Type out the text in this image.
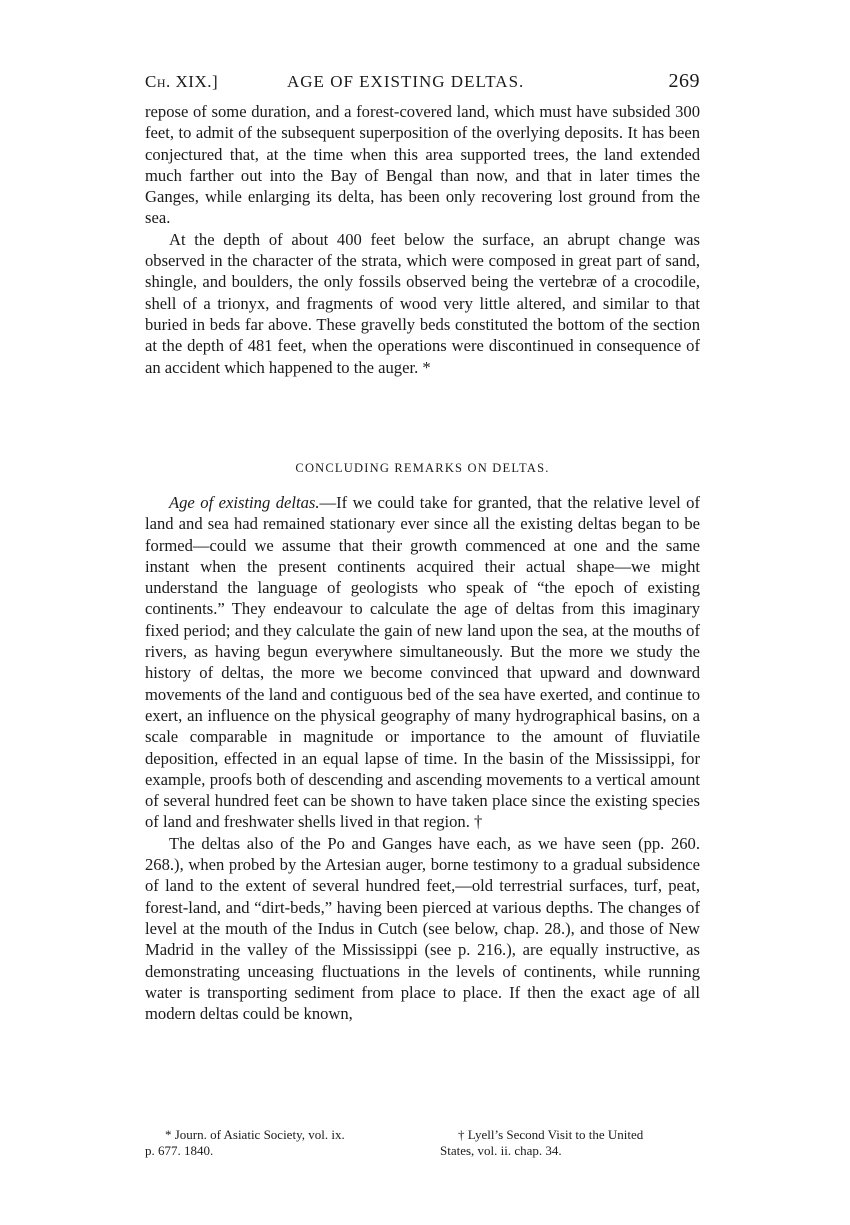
Ch. XIX.]	AGE OF EXISTING DELTAS.	269

repose of some duration, and a forest-covered land, which must have subsided 300 feet, to admit of the subsequent superposition of the overlying deposits. It has been conjectured that, at the time when this area supported trees, the land extended much farther out into the Bay of Bengal than now, and that in later times the Ganges, while enlarging its delta, has been only recovering lost ground from the sea.

At the depth of about 400 feet below the surface, an abrupt change was observed in the character of the strata, which were composed in great part of sand, shingle, and boulders, the only fossils observed being the vertebræ of a crocodile, shell of a trionyx, and fragments of wood very little altered, and similar to that buried in beds far above. These gravelly beds constituted the bottom of the section at the depth of 481 feet, when the operations were discontinued in consequence of an accident which happened to the auger. *

CONCLUDING REMARKS ON DELTAS.

Age of existing deltas.—If we could take for granted, that the relative level of land and sea had remained stationary ever since all the existing deltas began to be formed—could we assume that their growth commenced at one and the same instant when the present continents acquired their actual shape—we might understand the language of geologists who speak of “the epoch of existing continents.” They endeavour to calculate the age of deltas from this imaginary fixed period; and they calculate the gain of new land upon the sea, at the mouths of rivers, as having begun everywhere simultaneously. But the more we study the history of deltas, the more we become convinced that upward and downward movements of the land and contiguous bed of the sea have exerted, and continue to exert, an influence on the physical geography of many hydrographical basins, on a scale comparable in magnitude or importance to the amount of fluviatile deposition, effected in an equal lapse of time. In the basin of the Mississippi, for example, proofs both of descending and ascending movements to a vertical amount of several hundred feet can be shown to have taken place since the existing species of land and freshwater shells lived in that region. †

The deltas also of the Po and Ganges have each, as we have seen (pp. 260. 268.), when probed by the Artesian auger, borne testimony to a gradual subsidence of land to the extent of several hundred feet,—old terrestrial surfaces, turf, peat, forest-land, and “dirt-beds,” having been pierced at various depths. The changes of level at the mouth of the Indus in Cutch (see below, chap. 28.), and those of New Madrid in the valley of the Mississippi (see p. 216.), are equally instructive, as demonstrating unceasing fluctuations in the levels of continents, while running water is transporting sediment from place to place. If then the exact age of all modern deltas could be known,

* Journ. of Asiatic Society, vol. ix.
p. 677. 1840.
† Lyell’s Second Visit to the United
States, vol. ii. chap. 34.
